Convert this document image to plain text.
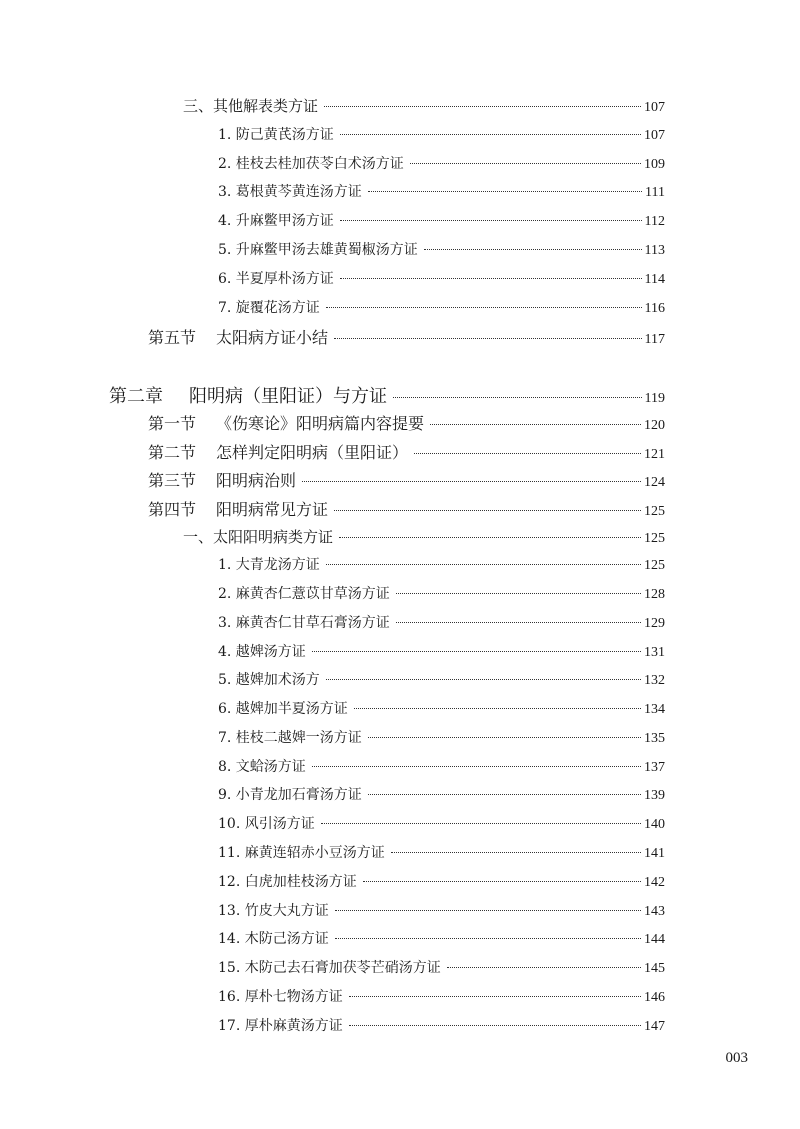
三、其他解表类方证	107
1. 防己黄芪汤方证	107
2. 桂枝去桂加茯苓白术汤方证	109
3. 葛根黄芩黄连汤方证	111
4. 升麻鳖甲汤方证	112
5. 升麻鳖甲汤去雄黄蜀椒汤方证	113
6. 半夏厚朴汤方证	114
7. 旋覆花汤方证	116
第五节 太阳病方证小结	117
第二章 阳明病（里阳证）与方证	119
第一节 《伤寒论》阳明病篇内容提要	120
第二节 怎样判定阳明病（里阳证）	121
第三节 阳明病治则	124
第四节 阳明病常见方证	125
一、太阳阳明病类方证	125
1. 大青龙汤方证	125
2. 麻黄杏仁薏苡甘草汤方证	128
3. 麻黄杏仁甘草石膏汤方证	129
4. 越婢汤方证	131
5. 越婢加术汤方	132
6. 越婢加半夏汤方证	134
7. 桂枝二越婢一汤方证	135
8. 文蛤汤方证	137
9. 小青龙加石膏汤方证	139
10. 风引汤方证	140
11. 麻黄连轺赤小豆汤方证	141
12. 白虎加桂枝汤方证	142
13. 竹皮大丸方证	143
14. 木防己汤方证	144
15. 木防己去石膏加茯苓芒硝汤方证	145
16. 厚朴七物汤方证	146
17. 厚朴麻黄汤方证	147
003
